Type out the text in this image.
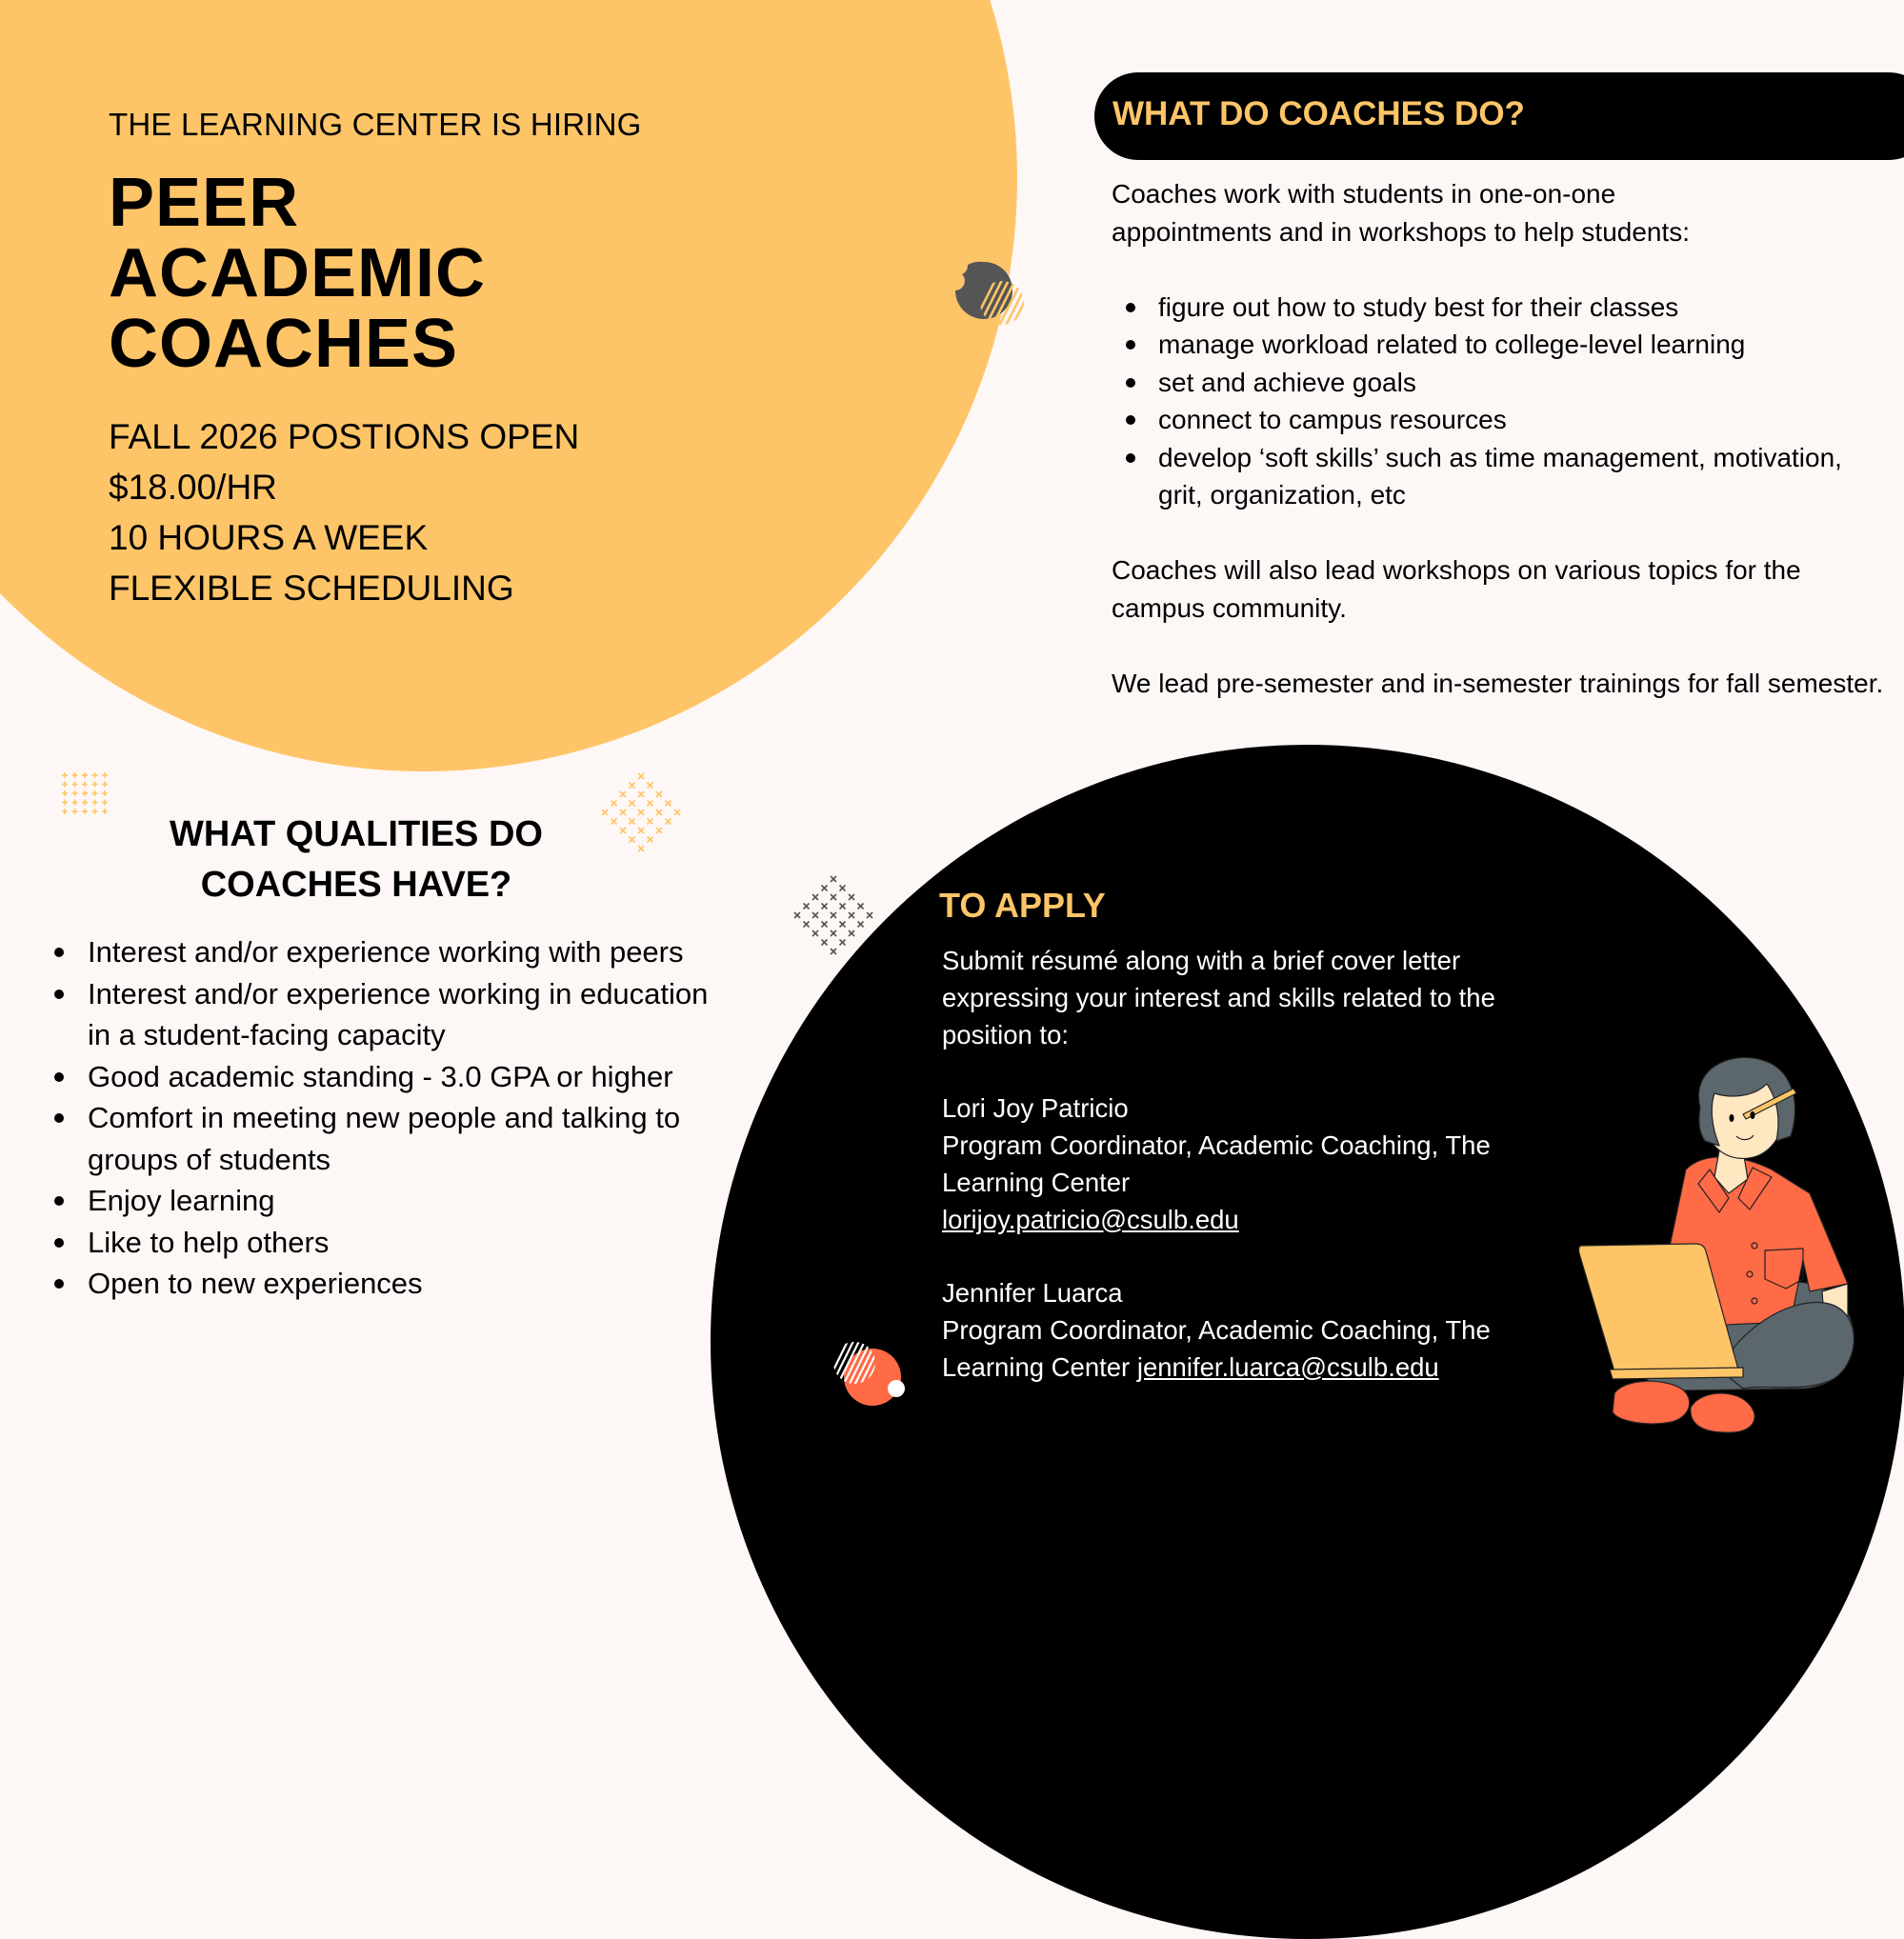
THE LEARNING CENTER IS HIRING
PEER
ACADEMIC
COACHES
FALL 2026 POSTIONS OPEN
$18.00/HR
10 HOURS A WEEK
FLEXIBLE SCHEDULING
WHAT DO COACHES DO?

Coaches work with students in one-on-one appointments and in workshops to help students:

figure out how to study best for their classes
manage workload related to college-level learning
set and achieve goals
connect to campus resources
develop ‘soft skills’ such as time management, motivation, grit, organization, etc

Coaches will also lead workshops on various topics for the campus community.

We lead pre-semester and in-semester trainings for fall semester.

WHAT QUALITIES DO
COACHES HAVE?
Interest and/or experience working with peers
Interest and/or experience working in education in a student-facing capacity
Good academic standing - 3.0 GPA or higher
Comfort in meeting new people and talking to groups of students
Enjoy learning
Like to help others
Open to new experiences
TO APPLY

Submit résumé along with a brief cover letter expressing your interest and skills related to the position to:

Lori Joy Patricio

Program Coordinator, Academic Coaching, The Learning Center

lorijoy.patricio@csulb.edu

Jennifer Luarca

Program Coordinator, Academic Coaching, The Learning Center jennifer.luarca@csulb.edu
